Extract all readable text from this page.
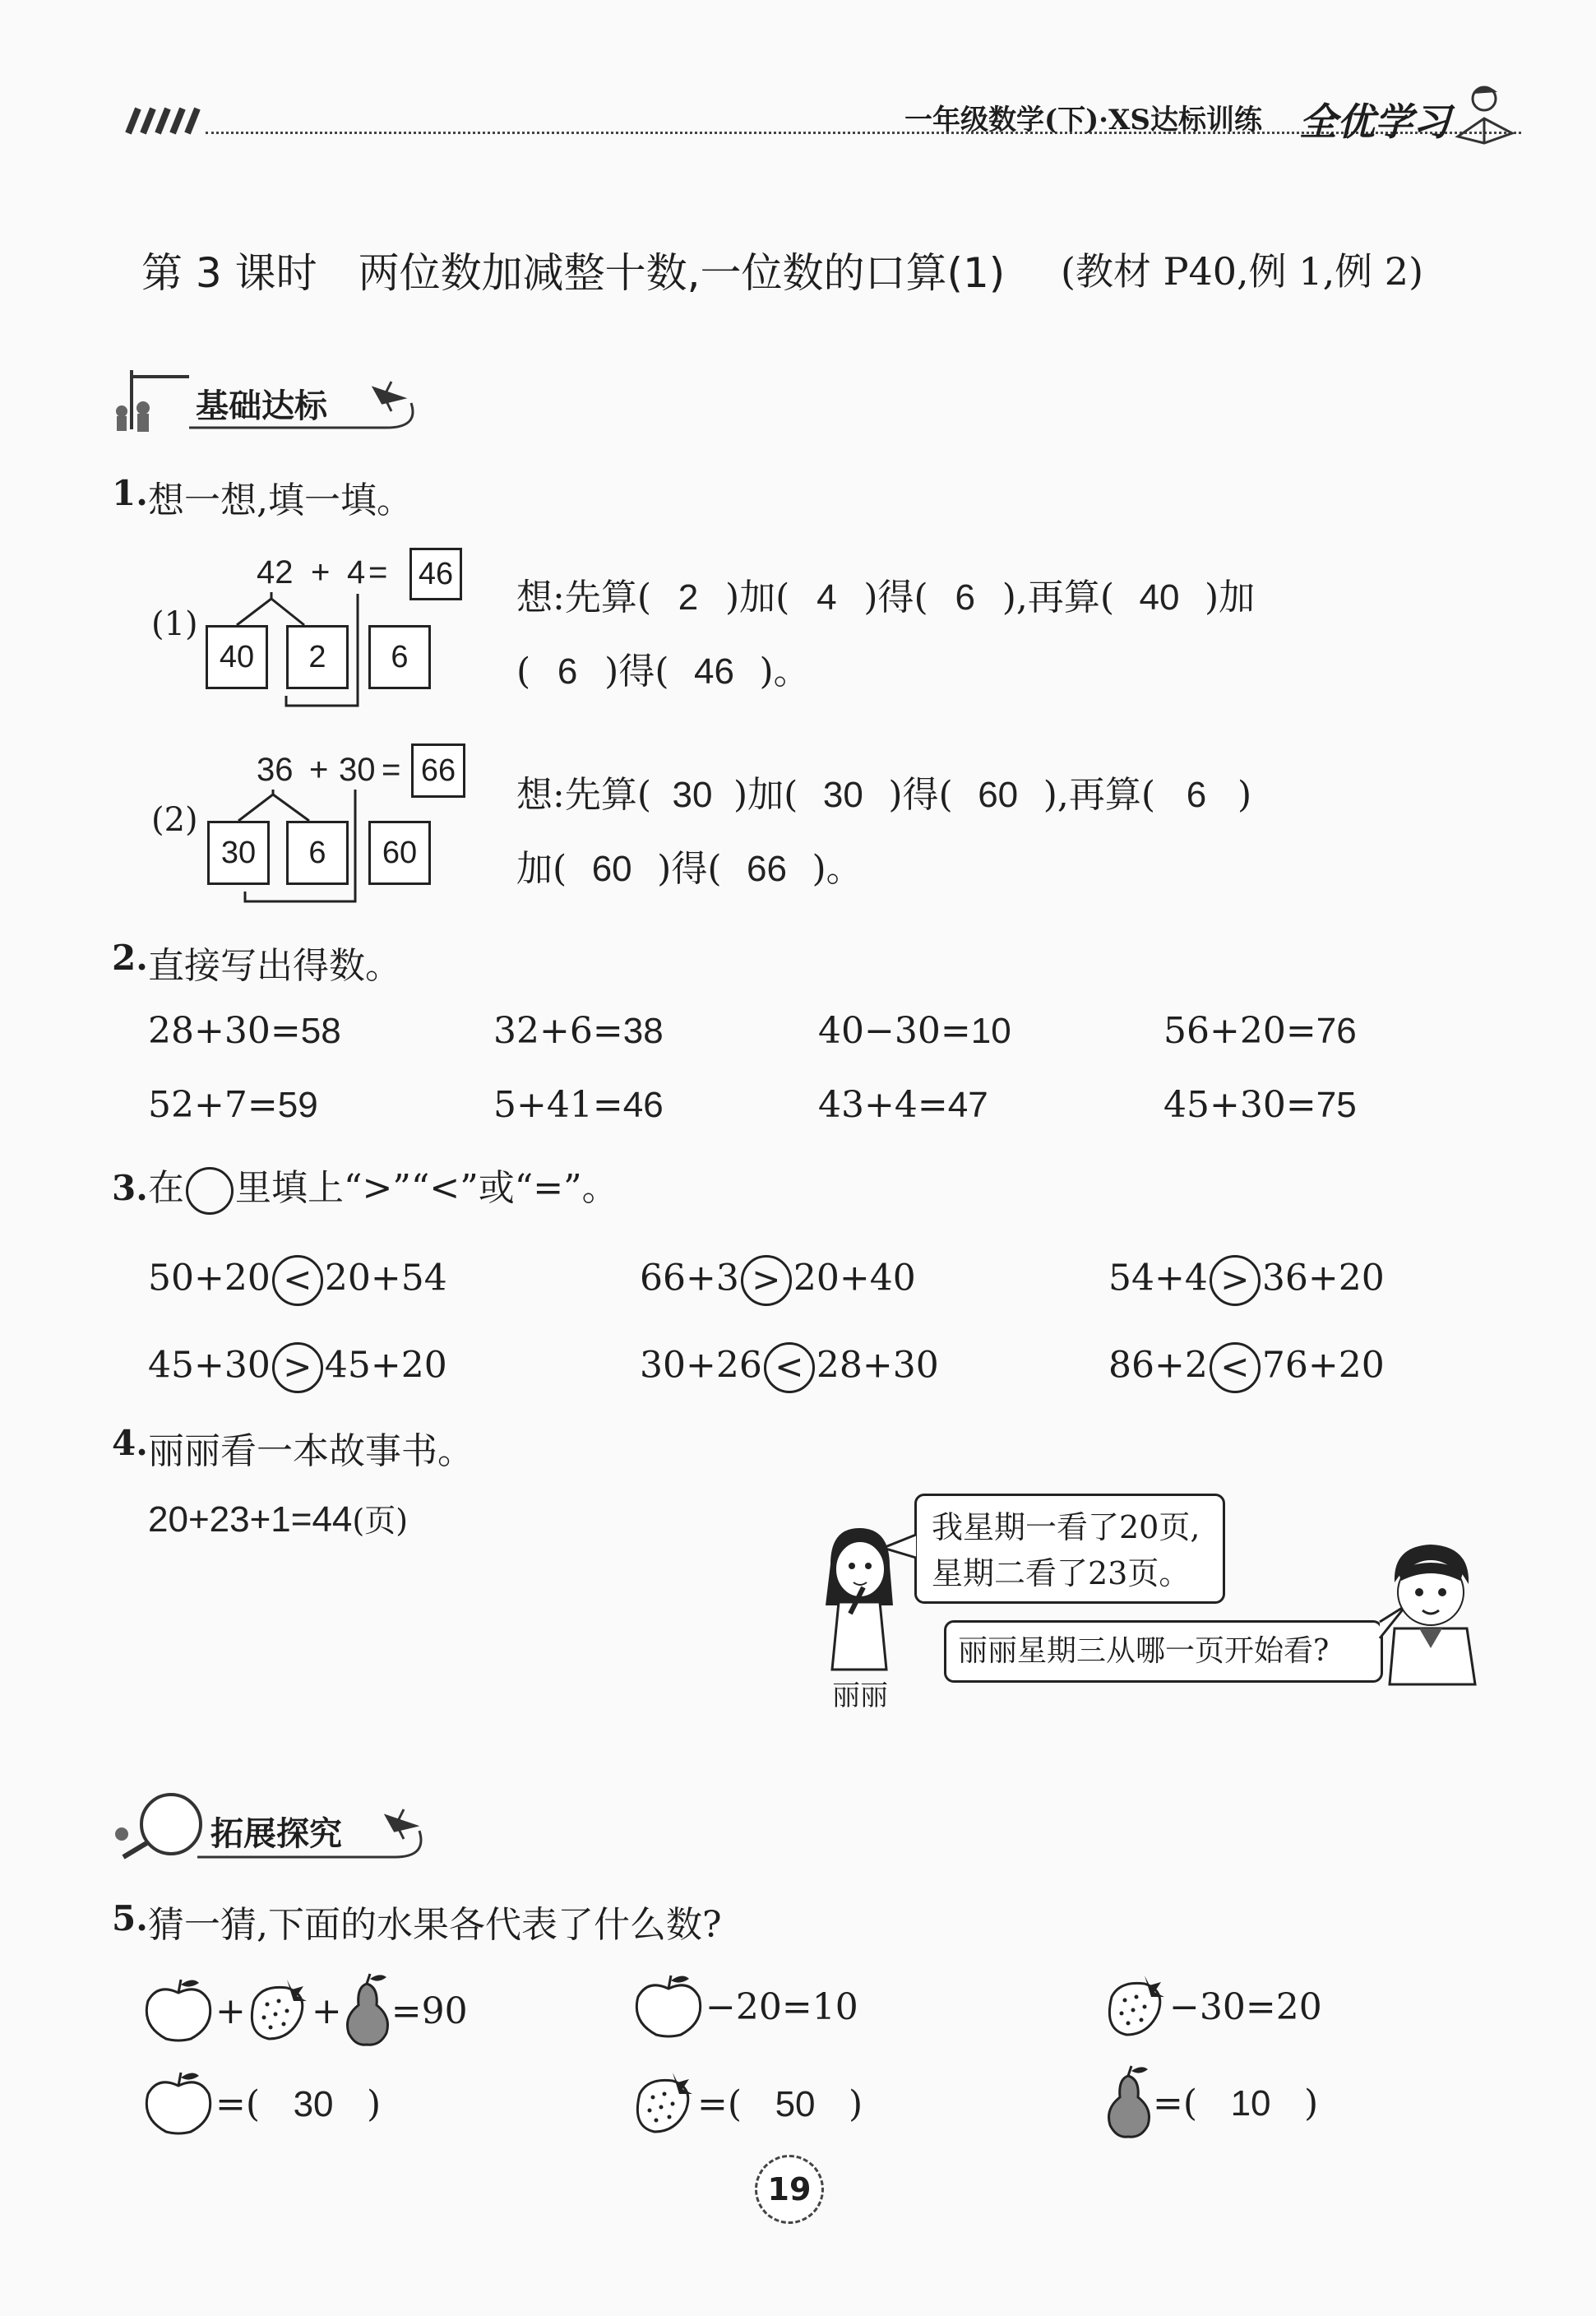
一年级数学(下)·XS达标训练 全优学习
第 3 课时　两位数加减整十数,一位数的口算(1) (教材 P40,例 1,例 2)
基础达标
1. 想一想,填一填。
(1)
42 + 4 = 46
40	2	6
想:先算( 2 )加( 4 )得( 6 ),再算( 40 )加
( 6 )得( 46 )。
(2)
36 + 30 = 66
30	6	60
想:先算( 30 )加( 30 )得( 60 ),再算( 6 )
加( 60 )得( 66 )。
2. 直接写出得数。
28+30=58	32+6=38	40−30=10	56+20=76
52+7=59	5+41=46	43+4=47	45+30=75
3. 在 里填上“>”“<”或“=”。
50+20 < 20+54	66+3 > 20+40	54+4 > 36+20
45+30 > 45+20	30+26 < 28+30	86+2 < 76+20
4. 丽丽看一本故事书。
20+23+1=44(页)	我星期一看了20页,
星期二看了23页。
丽丽星期三从哪一页开始看?
丽丽
拓展探究
5. 猜一猜,下面的水果各代表了什么数?
+ + =90	−20=10	−30=20
=( 30 )	=( 50 )	=( 10 )
19
